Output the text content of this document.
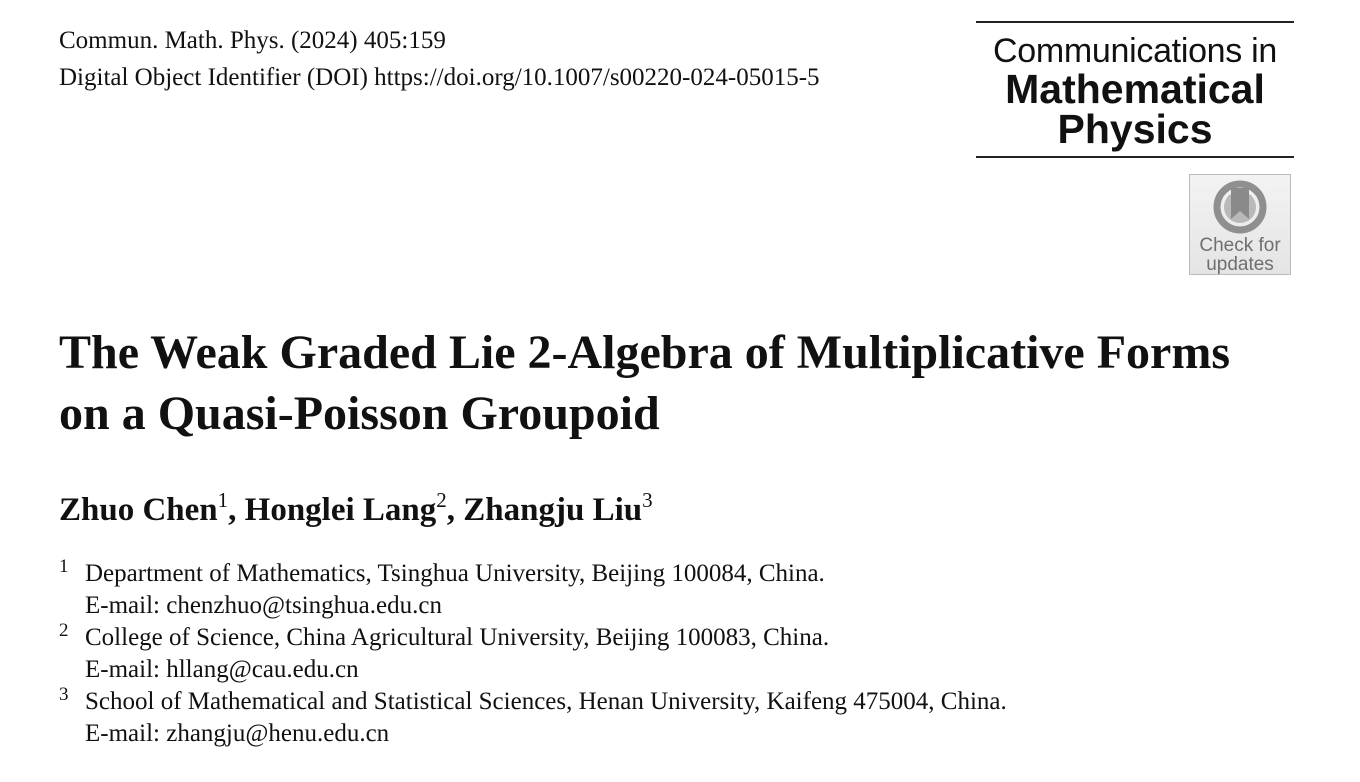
Commun. Math. Phys. (2024) 405:159
Digital Object Identifier (DOI) https://doi.org/10.1007/s00220-024-05015-5
Communications in
Mathematical
Physics
Check for
updates
The Weak Graded Lie 2-Algebra of Multiplicative Forms
on a Quasi-Poisson Groupoid
Zhuo Chen$^1$, Honglei Lang$^2$, Zhangju Liu$^3$
1 Department of Mathematics, Tsinghua University, Beijing 100084, China.
E-mail: chenzhuo@tsinghua.edu.cn
2 College of Science, China Agricultural University, Beijing 100083, China.
E-mail: hllang@cau.edu.cn
3 School of Mathematical and Statistical Sciences, Henan University, Kaifeng 475004, China.
E-mail: zhangju@henu.edu.cn
